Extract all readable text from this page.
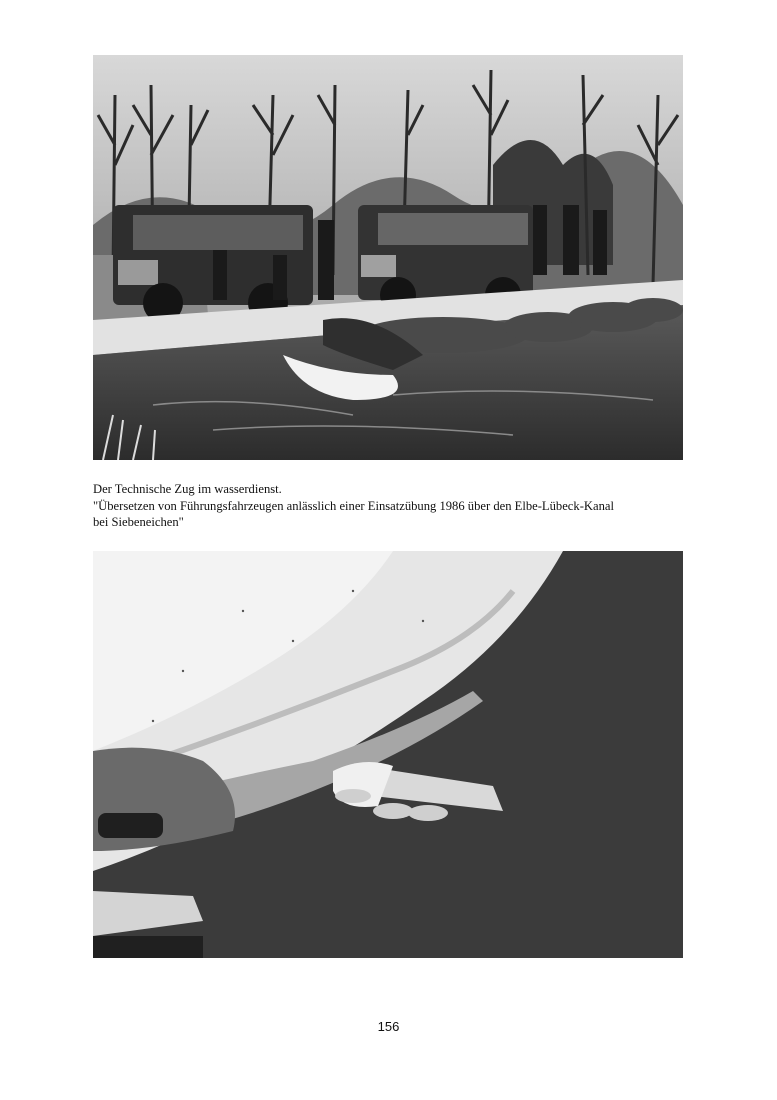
Der Technische Zug im wasserdienst.
"Übersetzen von Führungsfahrzeugen anlässlich einer Einsatzübung 1986 über den Elbe-Lübeck-Kanal
bei Siebeneichen"
156
